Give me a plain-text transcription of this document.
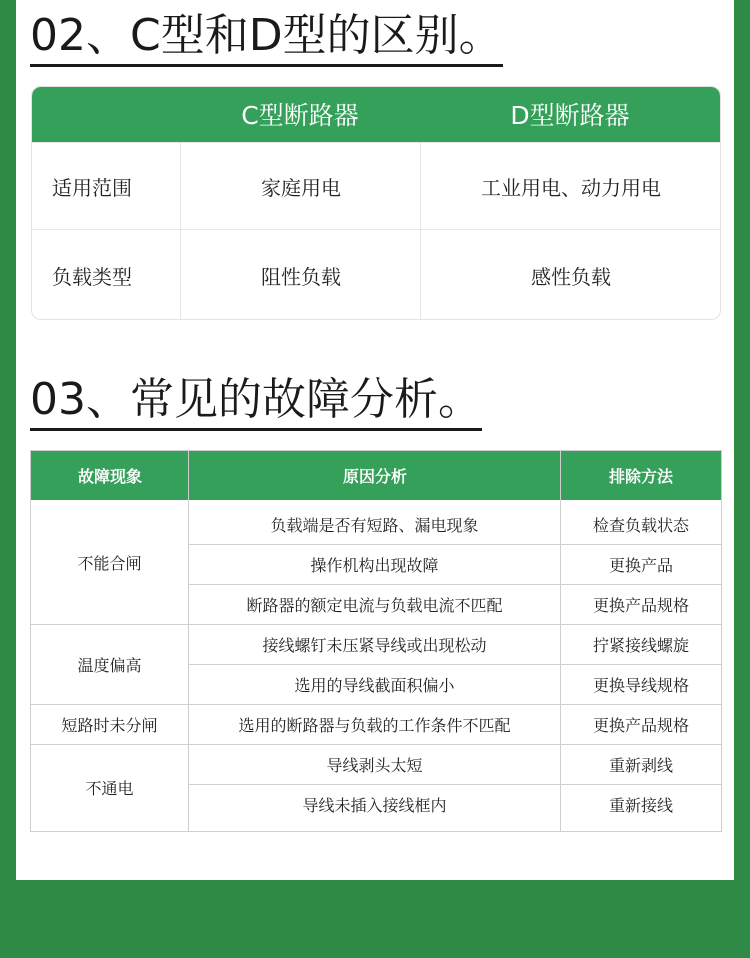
02、C型和D型的区别。
C型断路器	D型断路器
适用范围	家庭用电	工业用电、动力用电
负载类型	阻性负载	感性负载
03、常见的故障分析。
故障现象	原因分析	排除方法
不能合闸
负载端是否有短路、漏电现象	检查负载状态
操作机构出现故障	更换产品
断路器的额定电流与负载电流不匹配	更换产品规格
温度偏高
接线螺钉未压紧导线或出现松动	拧紧接线螺旋
选用的导线截面积偏小	更换导线规格
短路时未分闸	选用的断路器与负载的工作条件不匹配	更换产品规格
不通电
导线剥头太短	重新剥线
导线未插入接线框内	重新接线
